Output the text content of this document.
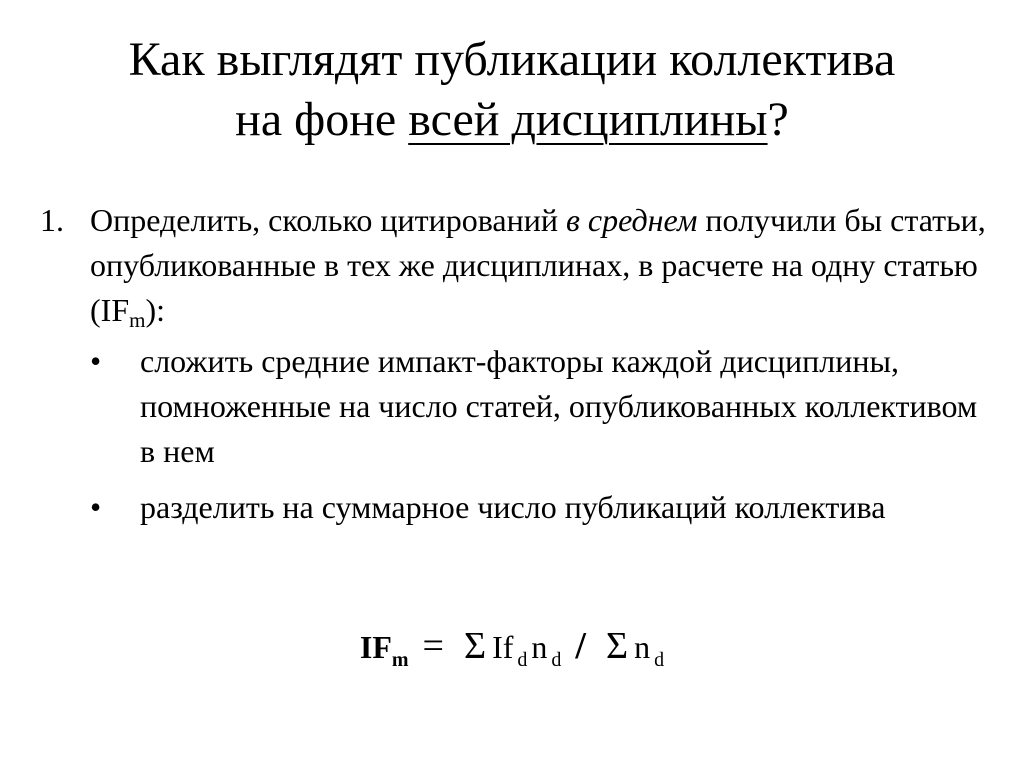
Как выглядят публикации коллектива
на фоне всей дисциплины?
1. Определить, сколько цитирований в среднем получили бы статьи, опубликованные в тех же дисциплинах, в расчете на одну статью $(IF_m)$:
• сложить средние импакт-факторы каждой дисциплины, помноженные на число статей, опубликованных коллективом в нем
• разделить на суммарное число публикаций коллектива
$IF_m = \Sigma$ If $_d$ n $_d$ / Σ n $_d$
